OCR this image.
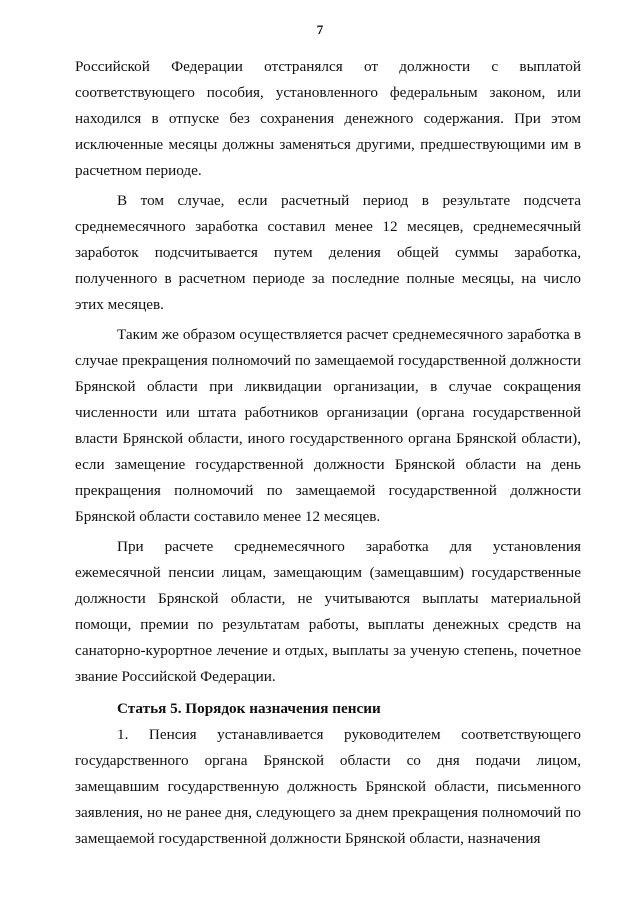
7

Российской Федерации отстранялся от должности с выплатой соответствующего пособия, установленного федеральным законом, или находился в отпуске без сохранения денежного содержания. При этом исключенные месяцы должны заменяться другими, предшествующими им в расчетном периоде.

В том случае, если расчетный период в результате подсчета среднемесячного заработка составил менее 12 месяцев, среднемесячный заработок подсчитывается путем деления общей суммы заработка, полученного в расчетном периоде за последние полные месяцы, на число этих месяцев.

Таким же образом осуществляется расчет среднемесячного заработка в случае прекращения полномочий по замещаемой государственной должности Брянской области при ликвидации организации, в случае сокращения численности или штата работников организации (органа государственной власти Брянской области, иного государственного органа Брянской области), если замещение государственной должности Брянской области на день прекращения полномочий по замещаемой государственной должности Брянской области составило менее 12 месяцев.

При расчете среднемесячного заработка для установления ежемесячной пенсии лицам, замещающим (замещавшим) государственные должности Брянской области, не учитываются выплаты материальной помощи, премии по результатам работы, выплаты денежных средств на санаторно-курортное лечение и отдых, выплаты за ученую степень, почетное звание Российской Федерации.

Статья 5. Порядок назначения пенсии

1. Пенсия устанавливается руководителем соответствующего государственного органа Брянской области со дня подачи лицом, замещавшим государственную должность Брянской области, письменного заявления, но не ранее дня, следующего за днем прекращения полномочий по замещаемой государственной должности Брянской области, назначения
